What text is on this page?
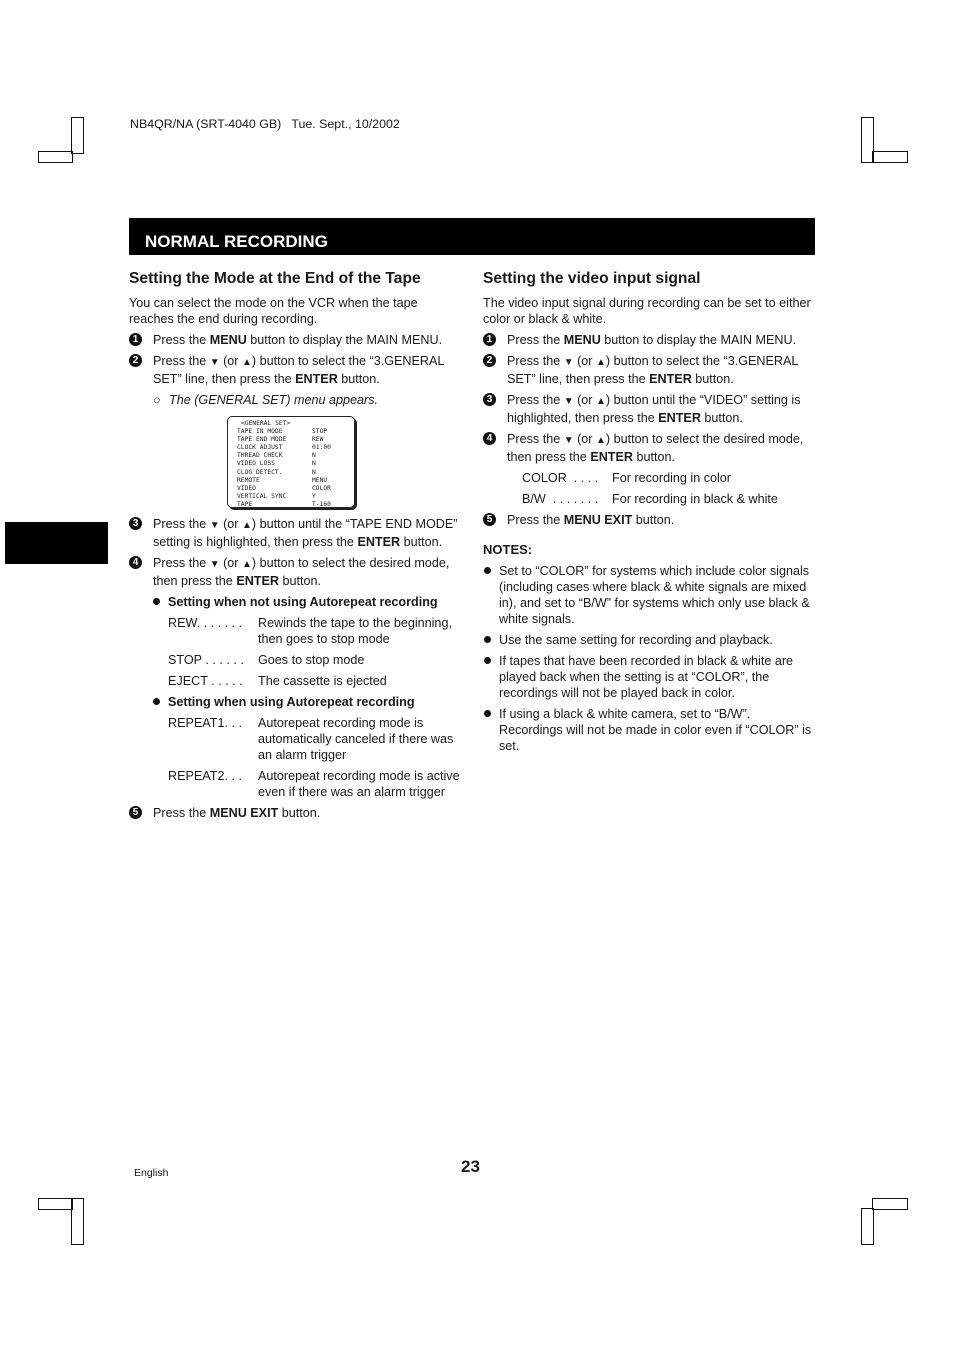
NB4QR/NA (SRT-4040 GB)   Tue. Sept., 10/2002
NORMAL RECORDING
Setting the Mode at the End of the Tape

You can select the mode on the VCR when the tape reaches the end during recording.

1 Press the MENU button to display the MAIN MENU.
2 Press the ▼ (or ▲) button to select the “3.GENERAL SET” line, then press the ENTER button.
○ The (GENERAL SET) menu appears.
<GENERAL SET>
TAPE IN MODE	STOP
TAPE END MODE	REW
CLOCK ADJUST	01:00
THREAD CHECK	N
VIDEO LOSS	N
CLOG DETECT.	N
REMOTE	MENU
VIDEO	COLOR
VERTICAL SYNC	Y
TAPE	T-160
3 Press the ▼ (or ▲) button until the “TAPE END MODE” setting is highlighted, then press the ENTER button.
4 Press the ▼ (or ▲) button to select the desired mode, then press the ENTER button.
Setting when not using Autorepeat recording
REW. . . . . . .	Rewinds the tape to the beginning, then goes to stop mode
STOP . . . . . .	Goes to stop mode
EJECT . . . . .	The cassette is ejected
Setting when using Autorepeat recording
REPEAT1. . .	Autorepeat recording mode is automatically canceled if there was an alarm trigger
REPEAT2. . .	Autorepeat recording mode is active even if there was an alarm trigger
5 Press the MENU EXIT button.
Setting the video input signal

The video input signal during recording can be set to either color or black & white.

1 Press the MENU button to display the MAIN MENU.
2 Press the ▼ (or ▲) button to select the “3.GENERAL SET” line, then press the ENTER button.
3 Press the ▼ (or ▲) button until the “VIDEO” setting is highlighted, then press the ENTER button.
4 Press the ▼ (or ▲) button to select the desired mode, then press the ENTER button.
COLOR  . . . .	For recording in color
B/W  . . . . . . .	For recording in black & white
5 Press the MENU EXIT button.
NOTES:
Set to “COLOR” for systems which include color signals (including cases where black & white signals are mixed in), and set to “B/W” for systems which only use black & white signals.
Use the same setting for recording and playback.
If tapes that have been recorded in black & white are played back when the setting is at “COLOR”, the recordings will not be played back in color.
If using a black & white camera, set to “B/W”. Recordings will not be made in color even if “COLOR” is set.
English	23
